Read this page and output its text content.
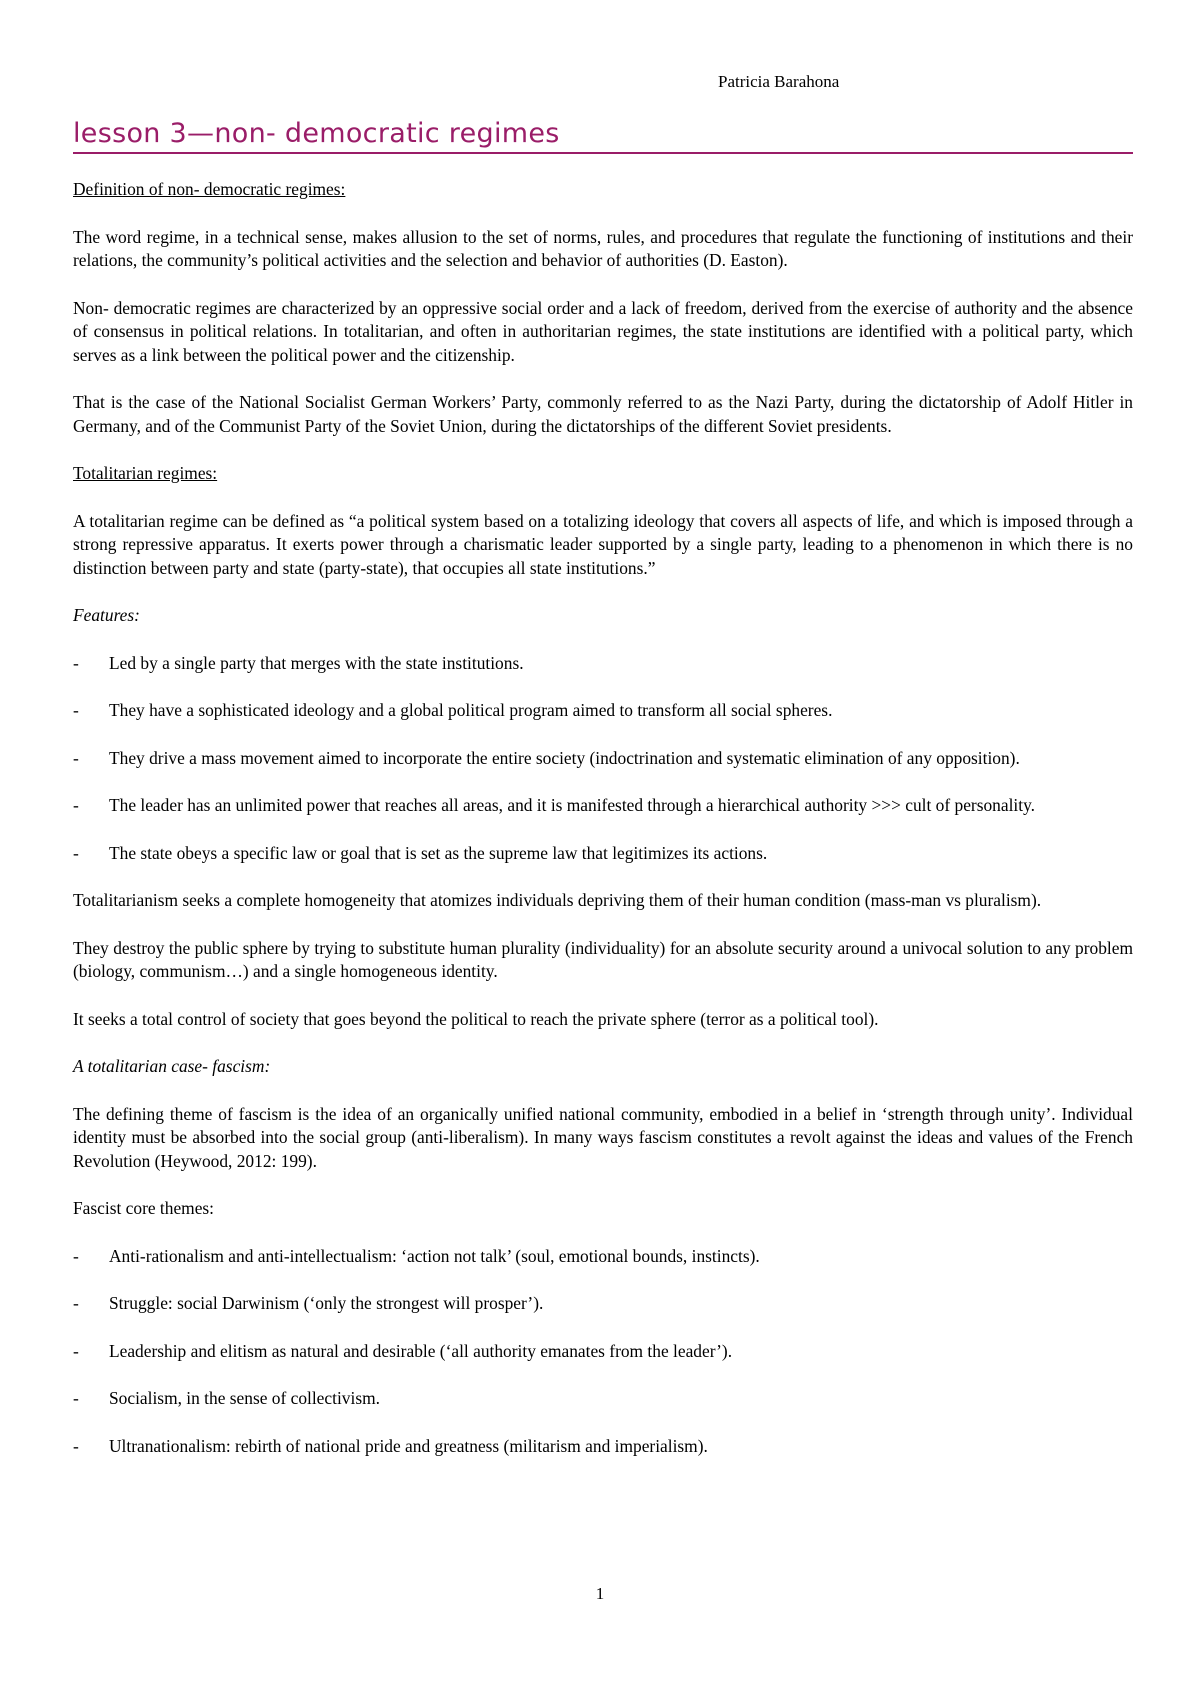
Patricia Barahona
lesson 3—non- democratic regimes

Definition of non- democratic regimes:

The word regime, in a technical sense, makes allusion to the set of norms, rules, and procedures that regulate the functioning of institutions and their relations, the community’s political activities and the selection and behavior of authorities (D. Easton).

Non- democratic regimes are characterized by an oppressive social order and a lack of freedom, derived from the exercise of authority and the absence of consensus in political relations. In totalitarian, and often in authoritarian regimes, the state institutions are identified with a political party, which serves as a link between the political power and the citizenship.

That is the case of the National Socialist German Workers’ Party, commonly referred to as the Nazi Party, during the dictatorship of Adolf Hitler in Germany, and of the Communist Party of the Soviet Union, during the dictatorships of the different Soviet presidents.

Totalitarian regimes:

A totalitarian regime can be defined as “a political system based on a totalizing ideology that covers all aspects of life, and which is imposed through a strong repressive apparatus. It exerts power through a charismatic leader supported by a single party, leading to a phenomenon in which there is no distinction between party and state (party-state), that occupies all state institutions.”

Features:

- Led by a single party that merges with the state institutions.
- They have a sophisticated ideology and a global political program aimed to transform all social spheres.
- They drive a mass movement aimed to incorporate the entire society (indoctrination and systematic elimination of any opposition).
- The leader has an unlimited power that reaches all areas, and it is manifested through a hierarchical authority >>> cult of personality.
- The state obeys a specific law or goal that is set as the supreme law that legitimizes its actions.

Totalitarianism seeks a complete homogeneity that atomizes individuals depriving them of their human condition (mass-man vs pluralism).

They destroy the public sphere by trying to substitute human plurality (individuality) for an absolute security around a univocal solution to any problem (biology, communism…) and a single homogeneous identity.

It seeks a total control of society that goes beyond the political to reach the private sphere (terror as a political tool).

A totalitarian case- fascism:

The defining theme of fascism is the idea of an organically unified national community, embodied in a belief in ‘strength through unity’. Individual identity must be absorbed into the social group (anti-liberalism). In many ways fascism constitutes a revolt against the ideas and values of the French Revolution (Heywood, 2012: 199).

Fascist core themes:

- Anti-rationalism and anti-intellectualism: ‘action not talk’ (soul, emotional bounds, instincts).
- Struggle: social Darwinism (‘only the strongest will prosper’).
- Leadership and elitism as natural and desirable (‘all authority emanates from the leader’).
- Socialism, in the sense of collectivism.
- Ultranationalism: rebirth of national pride and greatness (militarism and imperialism).
1
